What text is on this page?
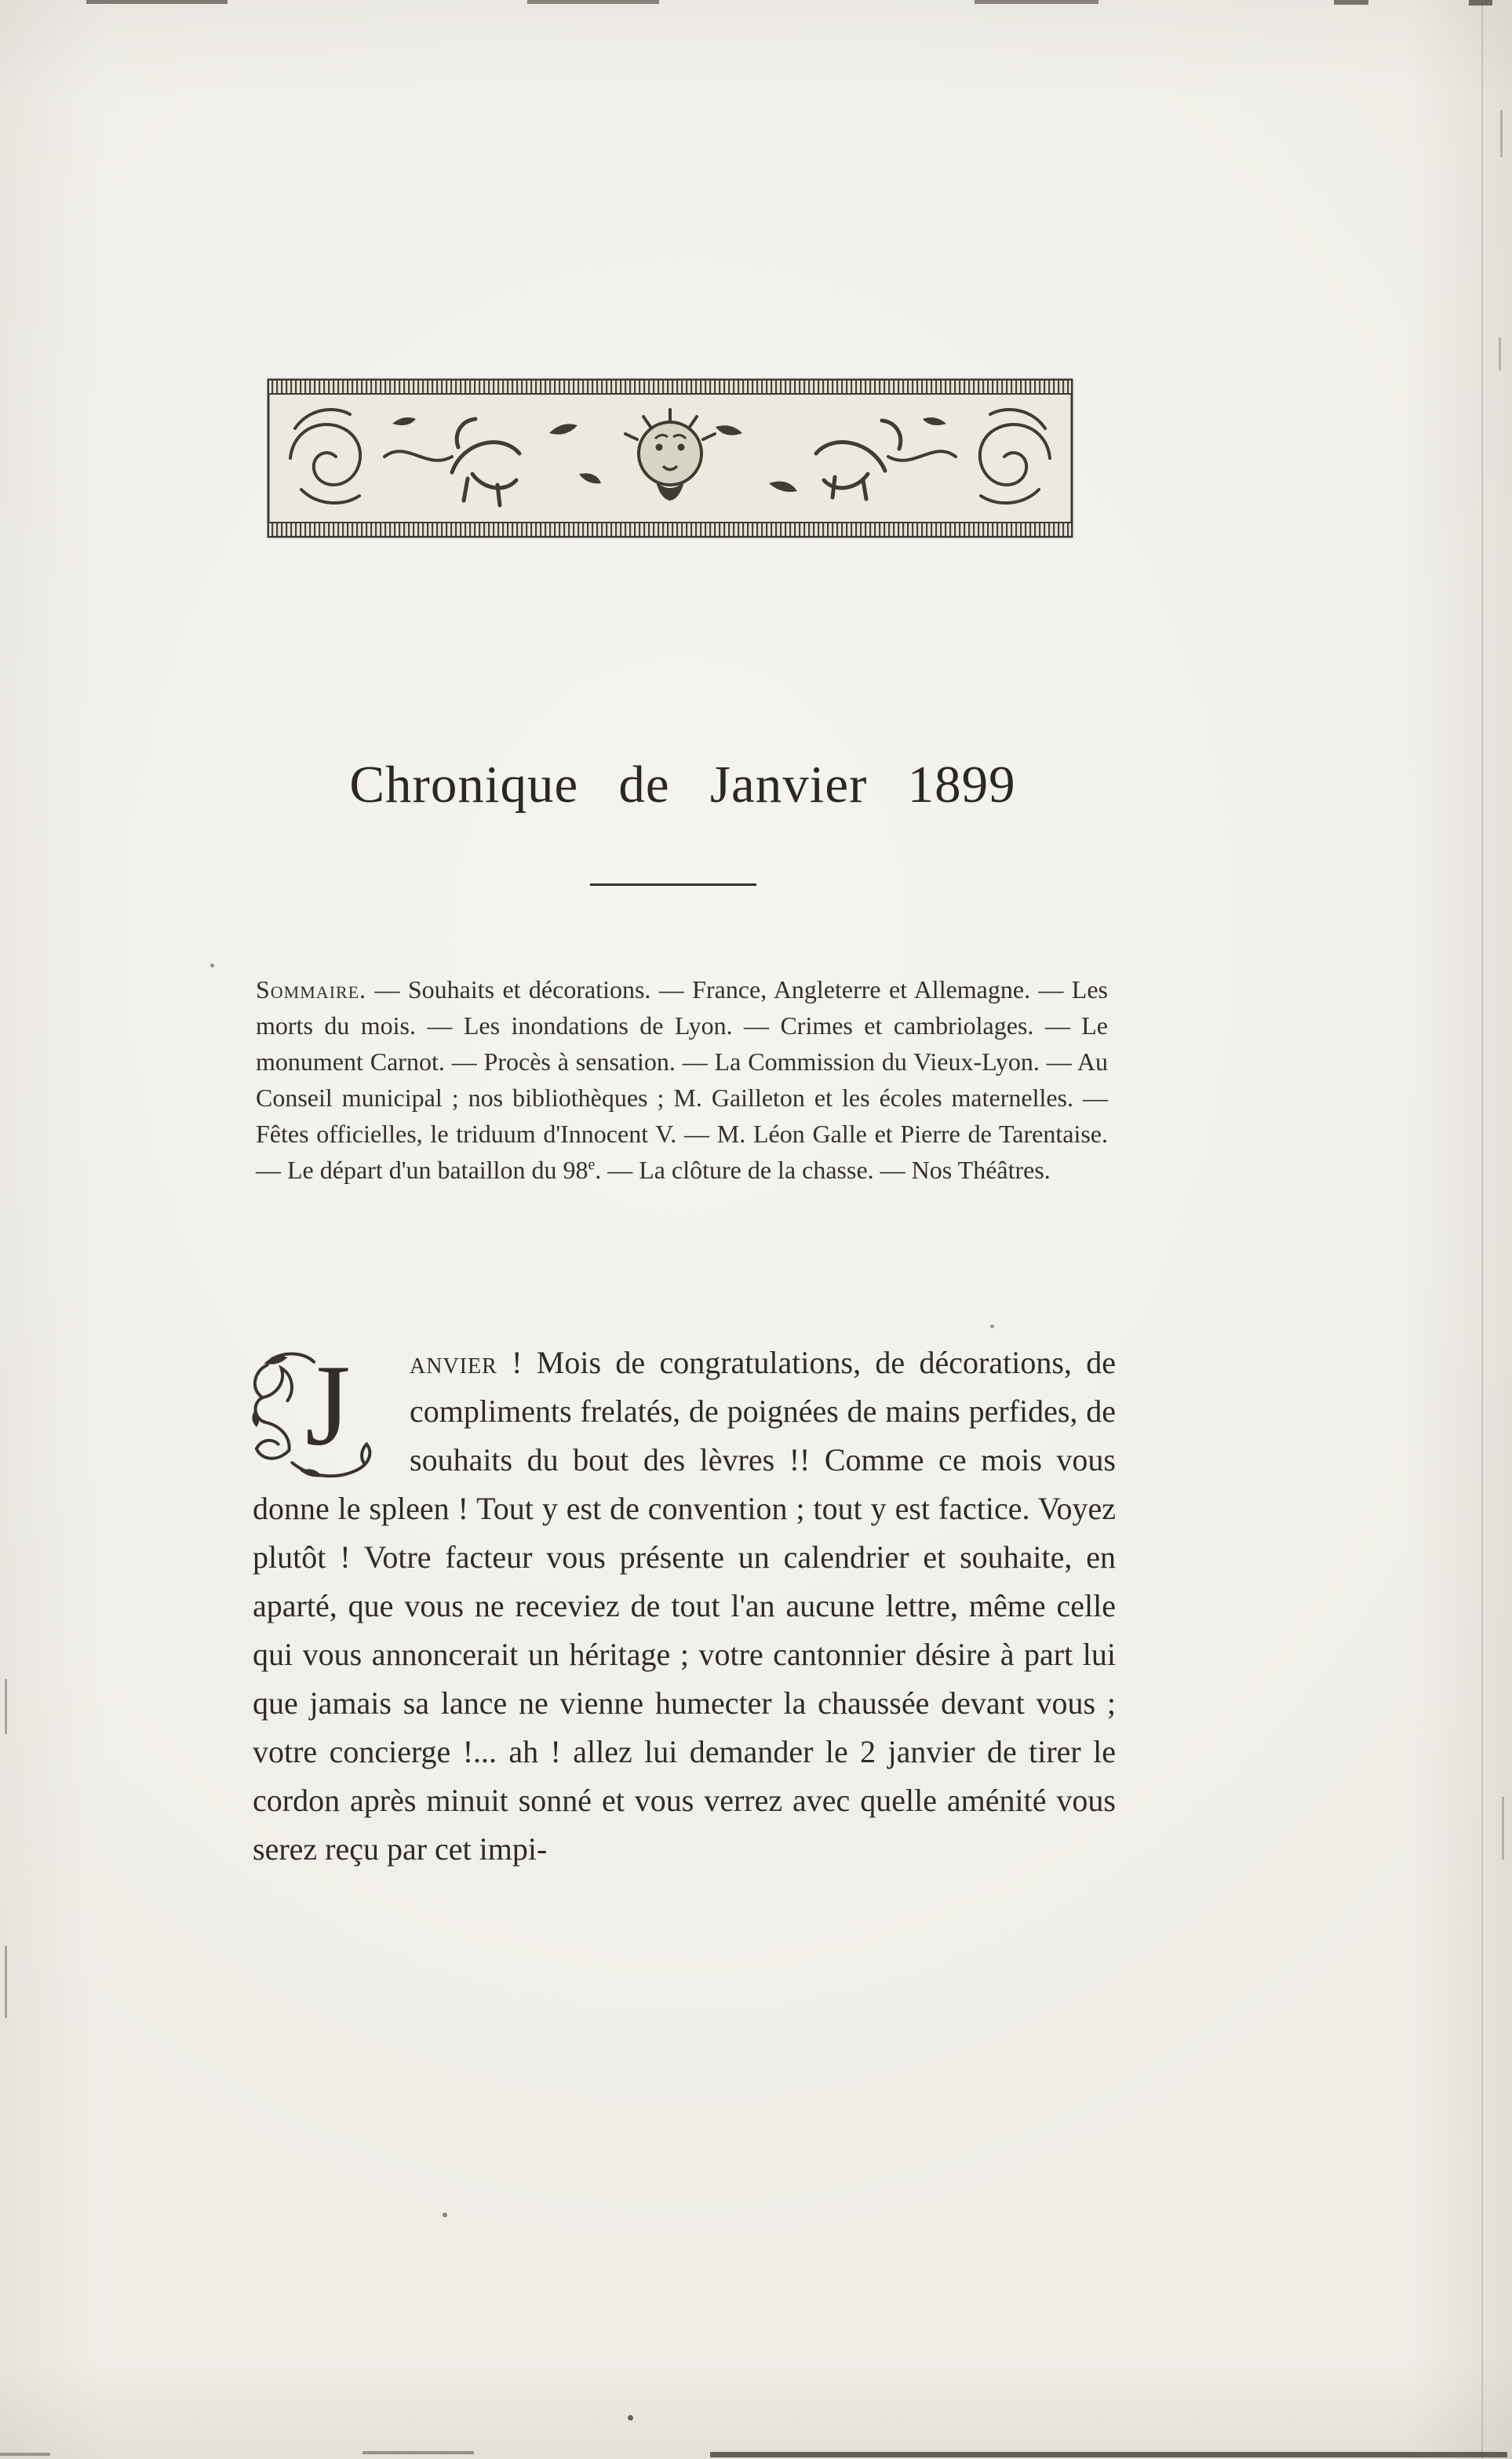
Chronique de Janvier 1899

Sommaire. — Souhaits et décorations. — France, Angleterre et Allemagne. — Les morts du mois. — Les inondations de Lyon. — Crimes et cambriolages. — Le monument Carnot. — Procès à sensation. — La Commission du Vieux-Lyon. — Au Conseil municipal ; nos bibliothèques ; M. Gailleton et les écoles maternelles. — Fêtes officielles, le triduum d'Innocent V. — M. Léon Galle et Pierre de Tarentaise. — Le départ d'un bataillon du 98e. — La clôture de la chasse. — Nos Théâtres.

J anvier ! Mois de congratulations, de décorations, de compliments frelatés, de poignées de mains perfides, de souhaits du bout des lèvres !! Comme ce mois vous donne le spleen ! Tout y est de convention ; tout y est factice. Voyez plutôt ! Votre facteur vous présente un calendrier et souhaite, en aparté, que vous ne receviez de tout l'an aucune lettre, même celle qui vous annoncerait un héritage ; votre cantonnier désire à part lui que jamais sa lance ne vienne humecter la chaussée devant vous ; votre concierge !... ah ! allez lui demander le 2 janvier de tirer le cordon après minuit sonné et vous verrez avec quelle aménité vous serez reçu par cet impi-
